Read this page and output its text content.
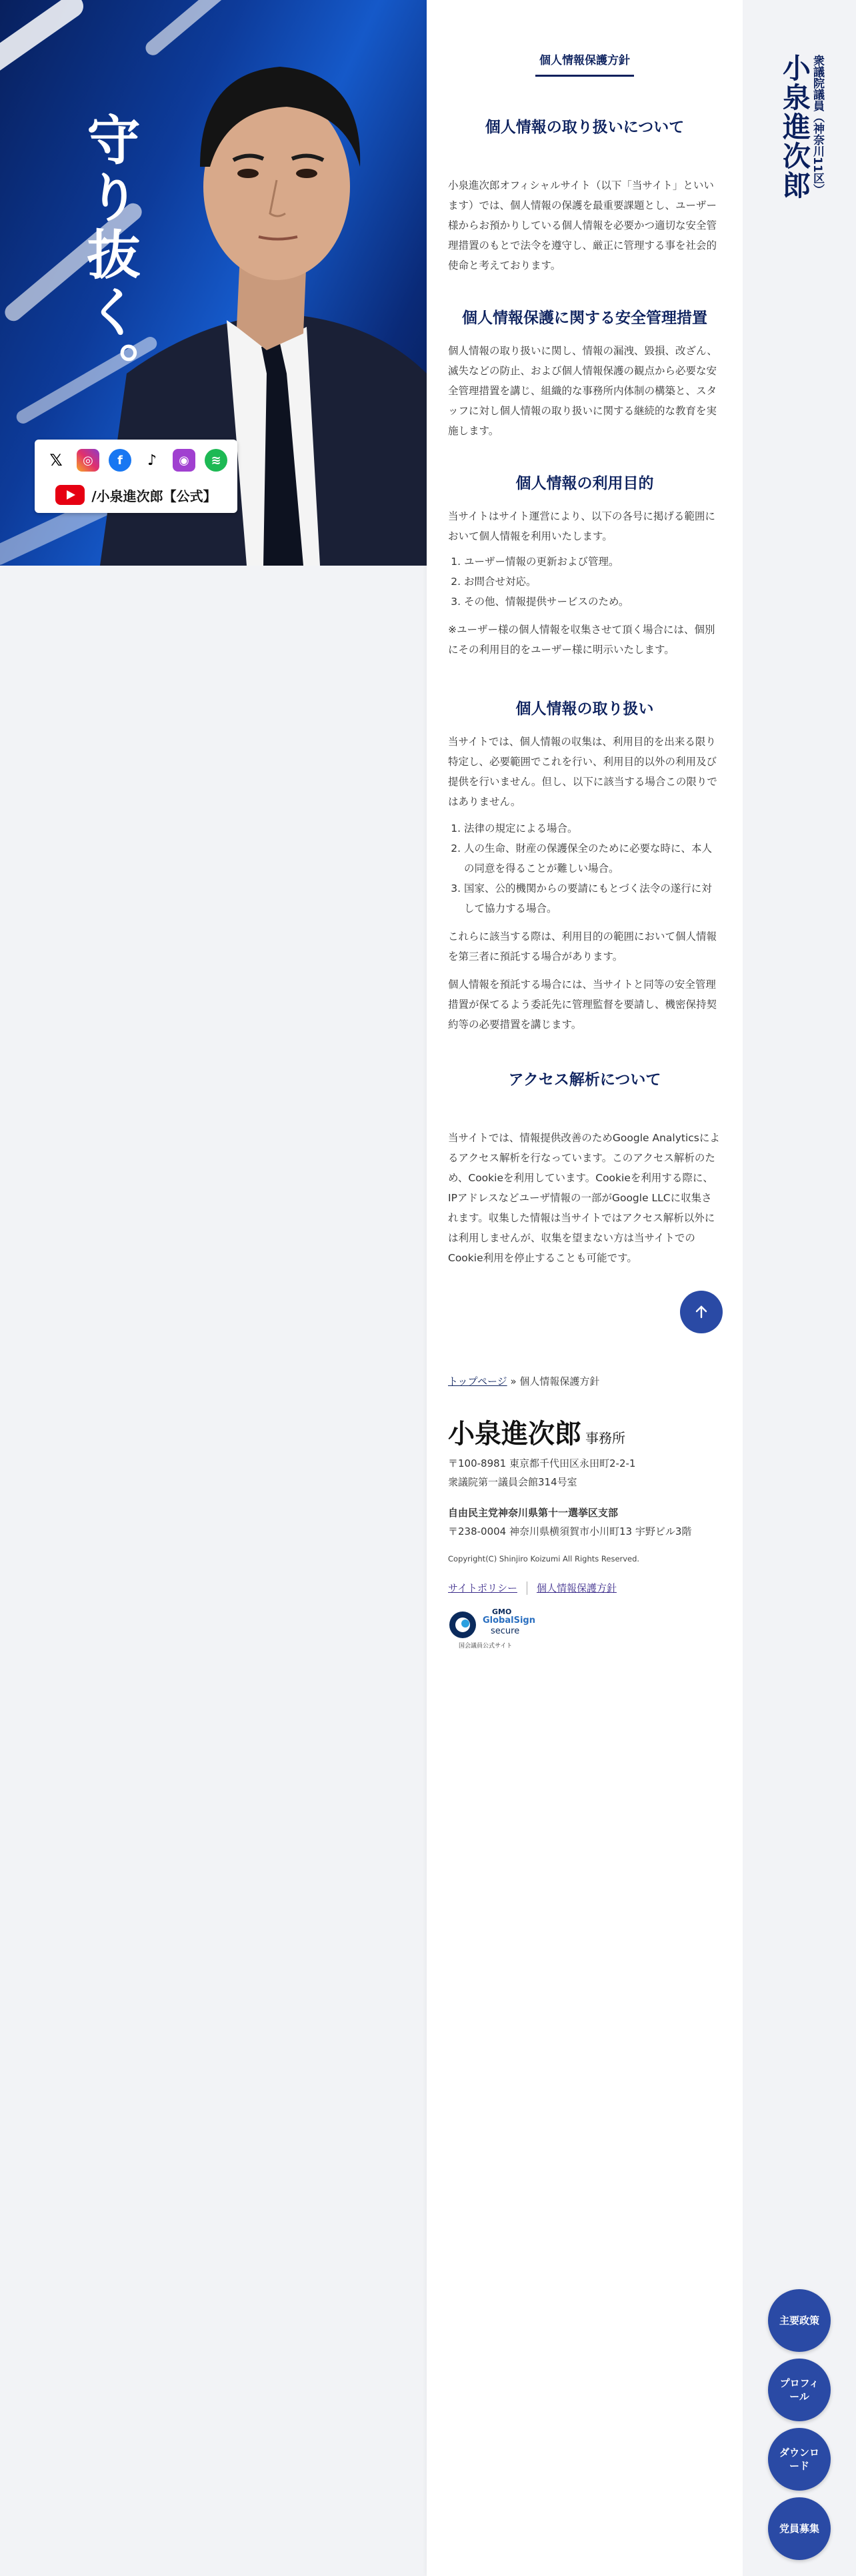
守り抜く。
𝕏	◎	f	♪	◉	≋
/小泉進次郎【公式】
個人情報保護方針
個人情報の取り扱いについて

小泉進次郎オフィシャルサイト（以下「当サイト」といいます）では、個人情報の保護を最重要課題とし、ユーザー様からお預かりしている個人情報を必要かつ適切な安全管理措置のもとで法令を遵守し、厳正に管理する事を社会的使命と考えております。

個人情報保護に関する安全管理措置

個人情報の取り扱いに関し、情報の漏洩、毀損、改ざん、滅失などの防止、および個人情報保護の観点から必要な安全管理措置を講じ、組織的な事務所内体制の構築と、スタッフに対し個人情報の取り扱いに関する継続的な教育を実施します。

個人情報の利用目的

当サイトはサイト運営により、以下の各号に掲げる範囲において個人情報を利用いたします。

1. ユーザー情報の更新および管理。
2. お問合せ対応。
3. その他、情報提供サービスのため。

※ユーザー様の個人情報を収集させて頂く場合には、個別にその利用目的をユーザー様に明示いたします。

個人情報の取り扱い

当サイトでは、個人情報の収集は、利用目的を出来る限り特定し、必要範囲でこれを行い、利用目的以外の利用及び提供を行いません。但し、以下に該当する場合この限りではありません。

1. 法律の規定による場合。
2. 人の生命、財産の保護保全のために必要な時に、本人の同意を得ることが難しい場合。
3. 国家、公的機関からの要請にもとづく法令の遂行に対して協力する場合。

これらに該当する際は、利用目的の範囲において個人情報を第三者に預託する場合があります。

個人情報を預託する場合には、当サイトと同等の安全管理措置が保てるよう委託先に管理監督を要請し、機密保持契約等の必要措置を講じます。

アクセス解析について

当サイトでは、情報提供改善のためGoogle Analyticsによるアクセス解析を行なっています。このアクセス解析のため、Cookieを利用しています。Cookieを利用する際に、IPアドレスなどユーザ情報の一部がGoogle LLCに収集されます。収集した情報は当サイトではアクセス解析以外には利用しませんが、収集を望まない方は当サイトでのCookie利用を停止することも可能です。

トップページ » 個人情報保護方針
小泉進次郎 事務所
〒100-8981 東京都千代田区永田町2-2-1
衆議院第一議員会館314号室
自由民主党神奈川県第十一選挙区支部
〒238-0004 神奈川県横須賀市小川町13 宇野ビル3階
Copyright(C) Shinjiro Koizumi All Rights Reserved.
サイトポリシー 個人情報保護方針
GMO
GlobalSign
secure
国会議員公式サイト
小泉進次郎 衆議院議員（神奈川11区）
主要政策
プロフィール
ダウンロード
党員募集
